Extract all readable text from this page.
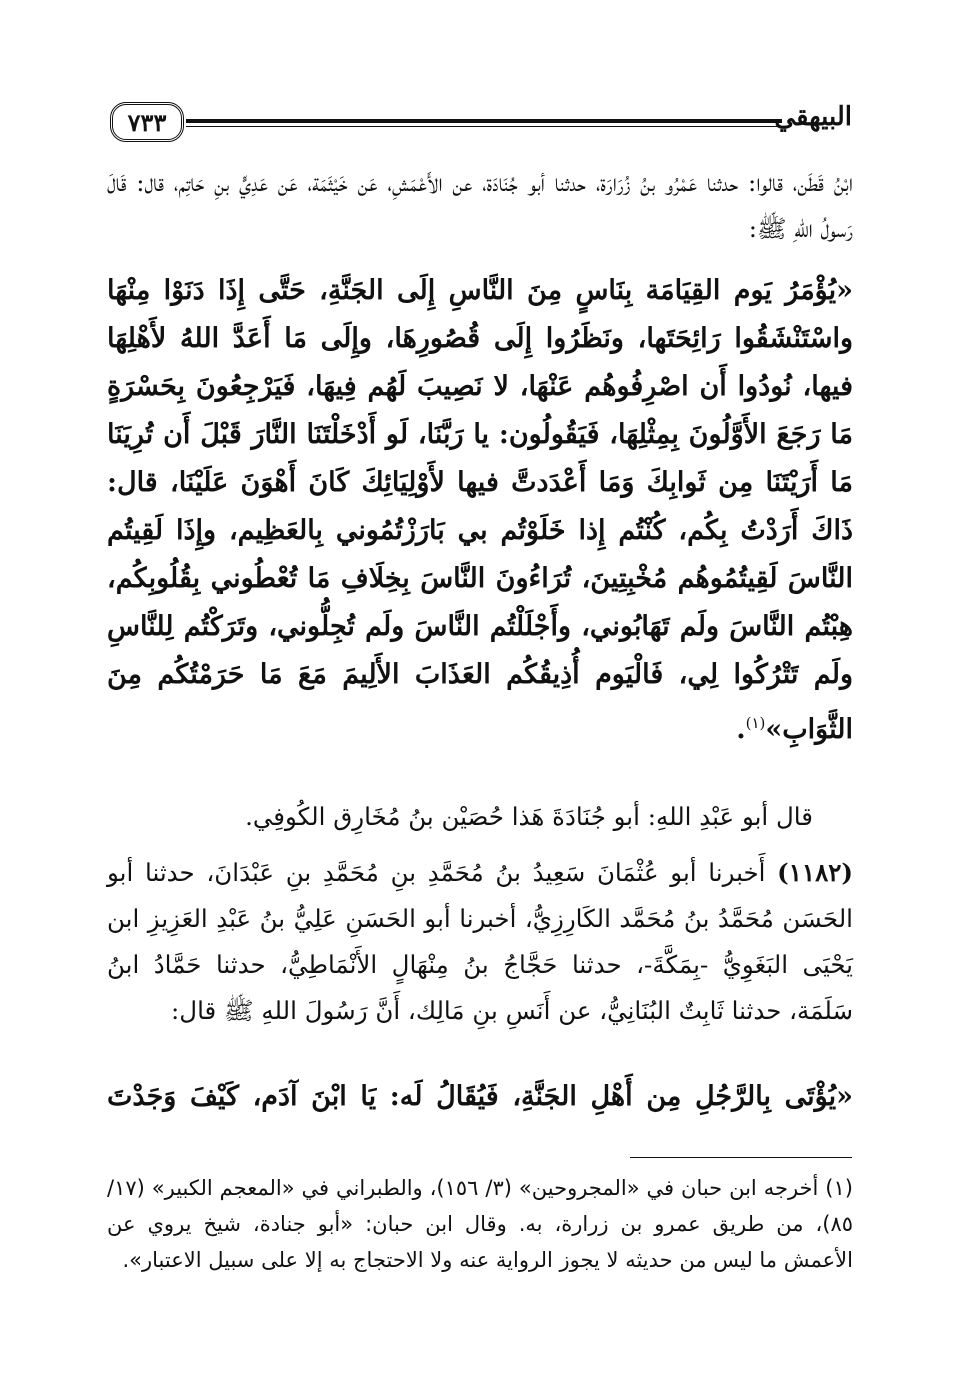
٧٣٣	البيهقي

ابْنُ قَطَن، قالوا: حدثنا عَمْرُو بنُ زُرَارَة، حدثنا أبو جُنَادَة، عن الأَعْمَشِ، عَن خَيْثَمَة، عَن عَدِيٍّ بنِ حَاتِم، قال: قَالَ رَسولُ اللهِ ﷺ:

«يُؤْمَرُ يَوم القِيَامَة بِنَاسٍ مِنَ النَّاسِ إِلَى الجَنَّةِ، حَتَّى إِذَا دَنَوْا مِنْهَا واسْتَنْشَقُوا رَائِحَتَها، ونَظَرُوا إِلَى قُصُورِهَا، وإِلَى مَا أَعَدَّ اللهُ لأَهْلِهَا فيها، نُودُوا أَن اصْرِفُوهُم عَنْهَا، لا نَصِيبَ لَهُم فِيهَا، فَيَرْجِعُونَ بِحَسْرَةٍ مَا رَجَعَ الأَوَّلُونَ بِمِثْلِهَا، فَيَقُولُون: يا رَبَّنَا، لَو أَدْخَلْتَنَا النَّارَ قَبْلَ أَن تُرِيَنَا مَا أَرَيْتَنَا مِن ثَوابِكَ وَمَا أَعْدَدتَّ فيها لأَوْلِيَائِكَ كَانَ أَهْوَنَ عَلَيْنَا، قال: ذَاكَ أَرَدْتُ بِكُم، كُنْتُم إِذا خَلَوْتُم بي بَارَزْتُمُوني بِالعَظِيم، وإِذَا لَقِيتُم النَّاسَ لَقِيتُمُوهُم مُخْبِتِينَ، تُرَاءُونَ النَّاسَ بِخِلَافِ مَا تُعْطُوني بِقُلُوبِكُم، هِبْتُم النَّاسَ ولَم تَهَابُوني، وأَجْلَلْتُم النَّاسَ ولَم تُجِلُّوني، وتَرَكْتُم لِلنَّاسِ ولَم تَتْرُكُوا لِي، فَالْيَوم أُذِيقُكُم العَذَابَ الأَلِيمَ مَعَ مَا حَرَمْتُكُم مِنَ الثَّوَابِ»$^{(١)}$.

قال أبو عَبْدِ اللهِ: أبو جُنَادَةَ هَذا حُصَيْن بنُ مُخَارِق الكُوفِي.

(١١٨٢) أَخبرنا أبو عُثْمَانَ سَعِيدُ بنُ مُحَمَّدِ بنِ مُحَمَّدِ بنِ عَبْدَانَ، حدثنا أبو الحَسَن مُحَمَّدُ بنُ مُحَمَّد الكَارِزِيُّ، أخبرنا أبو الحَسَنِ عَلِيُّ بنُ عَبْدِ العَزِيزِ ابن يَحْيَى البَغَوِيُّ -بِمَكَّةَ-، حدثنا حَجَّاجُ بنُ مِنْهَالٍ الأَنْمَاطِيُّ، حدثنا حَمَّادُ ابنُ سَلَمَة، حدثنا ثَابِتٌ البُنَانِيُّ، عن أَنَسِ بنِ مَالِك، أَنَّ رَسُولَ اللهِ ﷺ قال:

«يُؤْتَى بِالرَّجُلِ مِن أَهْلِ الجَنَّةِ، فَيُقَالُ لَه: يَا ابْنَ آدَم، كَيْفَ وَجَدْتَ

(١) أخرجه ابن حبان في «المجروحين» (٣/ ١٥٦)، والطبراني في «المعجم الكبير» (١٧/ ٨٥)، من طريق عمرو بن زرارة، به. وقال ابن حبان: «أبو جنادة، شيخ يروي عن الأعمش ما ليس من حديثه لا يجوز الرواية عنه ولا الاحتجاج به إلا على سبيل الاعتبار».
